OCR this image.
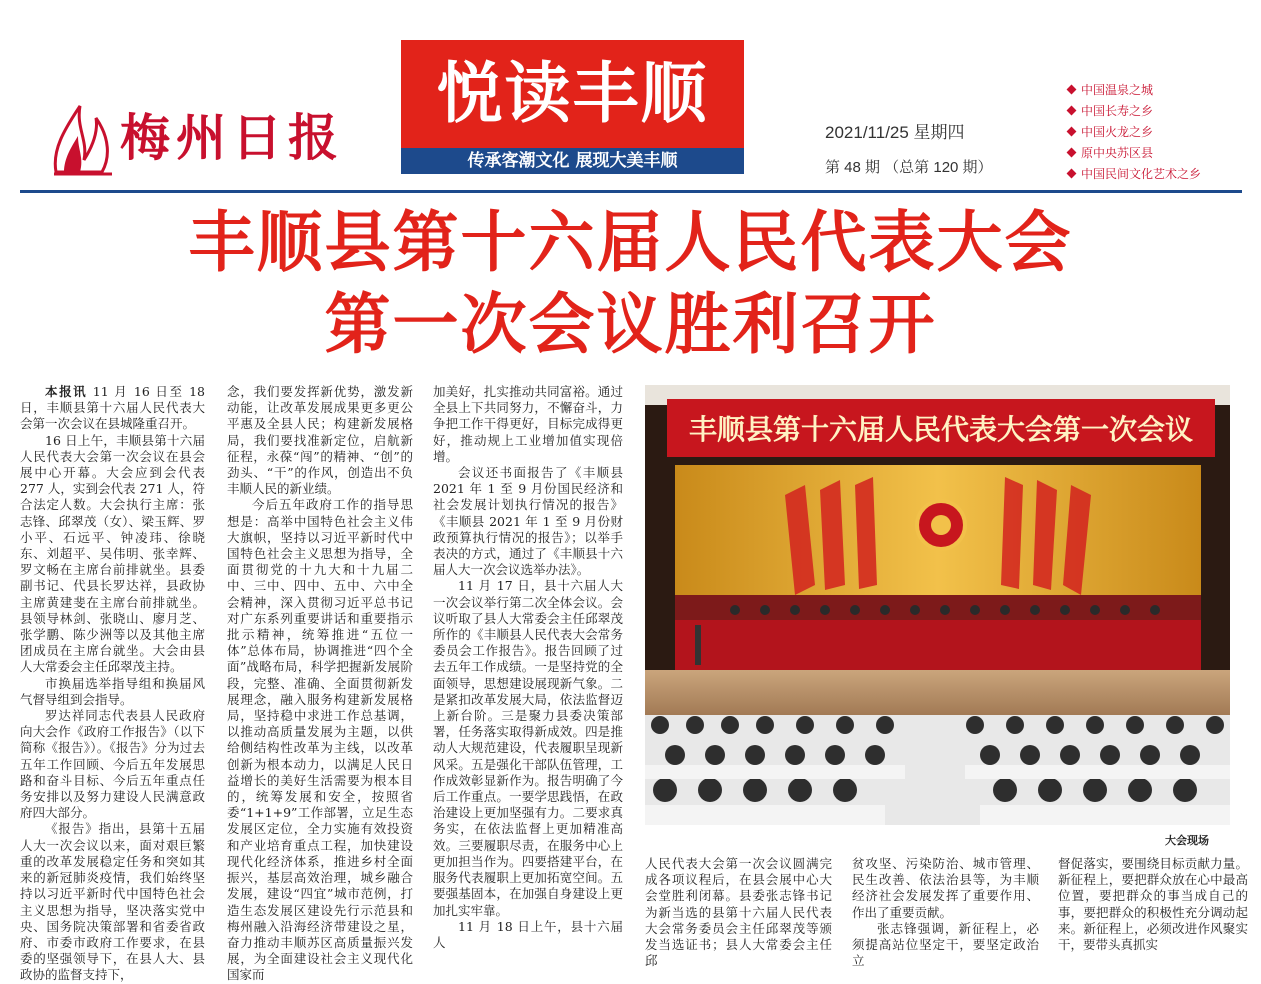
梅州日报
悦读丰顺
传承客潮文化 展现大美丰顺
2021/11/25 星期四
第 48 期 （总第 120 期）
中国温泉之城
中国长寿之乡
中国火龙之乡
原中央苏区县
中国民间文化艺术之乡
丰顺县第十六届人民代表大会
第一次会议胜利召开

本报讯 11 月 16 日至 18 日，丰顺县第十六届人民代表大会第一次会议在县城隆重召开。

16 日上午，丰顺县第十六届人民代表大会第一次会议在县会展中心开幕。大会应到会代表 277 人，实到会代表 271 人，符合法定人数。大会执行主席：张志锋、邱翠茂（女）、梁玉辉、罗小平、石远平、钟凌玮、徐晓东、刘超平、吴伟明、张幸辉、罗文畅在主席台前排就坐。县委副书记、代县长罗达祥，县政协主席黄建斐在主席台前排就坐。县领导林剑、张晓山、廖月芝、张学鹏、陈少洲等以及其他主席团成员在主席台就坐。大会由县人大常委会主任邱翠茂主持。

市换届选举指导组和换届风气督导组到会指导。

罗达祥同志代表县人民政府向大会作《政府工作报告》（以下简称《报告》）。《报告》分为过去五年工作回顾、今后五年发展思路和奋斗目标、今后五年重点任务安排以及努力建设人民满意政府四大部分。

《报告》指出，县第十五届人大一次会议以来，面对艰巨繁重的改革发展稳定任务和突如其来的新冠肺炎疫情，我们始终坚持以习近平新时代中国特色社会主义思想为指导，坚决落实党中央、国务院决策部署和省委省政府、市委市政府工作要求，在县委的坚强领导下，在县人大、县政协的监督支持下，

念，我们要发挥新优势，激发新动能，让改革发展成果更多更公平惠及全县人民；构建新发展格局，我们要找准新定位，启航新征程，永葆“闯”的精神、“创”的劲头、“干”的作风，创造出不负丰顺人民的新业绩。

今后五年政府工作的指导思想是：高举中国特色社会主义伟大旗帜，坚持以习近平新时代中国特色社会主义思想为指导，全面贯彻党的十九大和十九届二中、三中、四中、五中、六中全会精神，深入贯彻习近平总书记对广东系列重要讲话和重要指示批示精神，统筹推进“五位一体”总体布局，协调推进“四个全面”战略布局，科学把握新发展阶段，完整、准确、全面贯彻新发展理念，融入服务构建新发展格局，坚持稳中求进工作总基调，以推动高质量发展为主题，以供给侧结构性改革为主线，以改革创新为根本动力，以满足人民日益增长的美好生活需要为根本目的，统筹发展和安全，按照省委“1+1+9”工作部署，立足生态发展区定位，全力实施有效投资和产业培育重点工程，加快建设现代化经济体系，推进乡村全面振兴，基层高效治理，城乡融合发展，建设“四宜”城市范例，打造生态发展区建设先行示范县和梅州融入沿海经济带建设之星，奋力推动丰顺苏区高质量振兴发展，为全面建设社会主义现代化国家而

加美好，扎实推动共同富裕。通过全县上下共同努力，不懈奋斗，力争把工作干得更好，目标完成得更好，推动规上工业增加值实现倍增。

会议还书面报告了《丰顺县 2021 年 1 至 9 月份国民经济和社会发展计划执行情况的报告》《丰顺县 2021 年 1 至 9 月份财政预算执行情况的报告》；以举手表决的方式，通过了《丰顺县十六届人大一次会议选举办法》。

11 月 17 日，县十六届人大一次会议举行第二次全体会议。会议听取了县人大常委会主任邱翠茂所作的《丰顺县人民代表大会常务委员会工作报告》。报告回顾了过去五年工作成绩。一是坚持党的全面领导，思想建设展现新气象。二是紧扣改革发展大局，依法监督迈上新台阶。三是聚力县委决策部署，任务落实取得新成效。四是推动人大规范建设，代表履职呈现新风采。五是强化干部队伍管理，工作成效彰显新作为。报告明确了今后工作重点。一要学思践悟，在政治建设上更加坚强有力。二要求真务实，在依法监督上更加精准高效。三要履职尽责，在服务中心上更加担当作为。四要搭建平台，在服务代表履职上更加拓宽空间。五要强基固本，在加强自身建设上更加扎实牢靠。

11 月 18 日上午，县十六届人

丰顺县第十六届人民代表大会第一次会议
大会现场

人民代表大会第一次会议圆满完成各项议程后，在县会展中心大会堂胜利闭幕。县委张志锋书记为新当选的县第十六届人民代表大会常务委员会主任邱翠茂等颁发当选证书；县人大常委会主任邱

贫攻坚、污染防治、城市管理、民生改善、依法治县等，为丰顺经济社会发展发挥了重要作用、作出了重要贡献。

张志锋强调，新征程上，必须提高站位坚定干，要坚定政治立

督促落实，要围绕目标贡献力量。新征程上，要把群众放在心中最高位置，要把群众的事当成自己的事，要把群众的积极性充分调动起来。新征程上，必须改进作风聚实干，要带头真抓实
